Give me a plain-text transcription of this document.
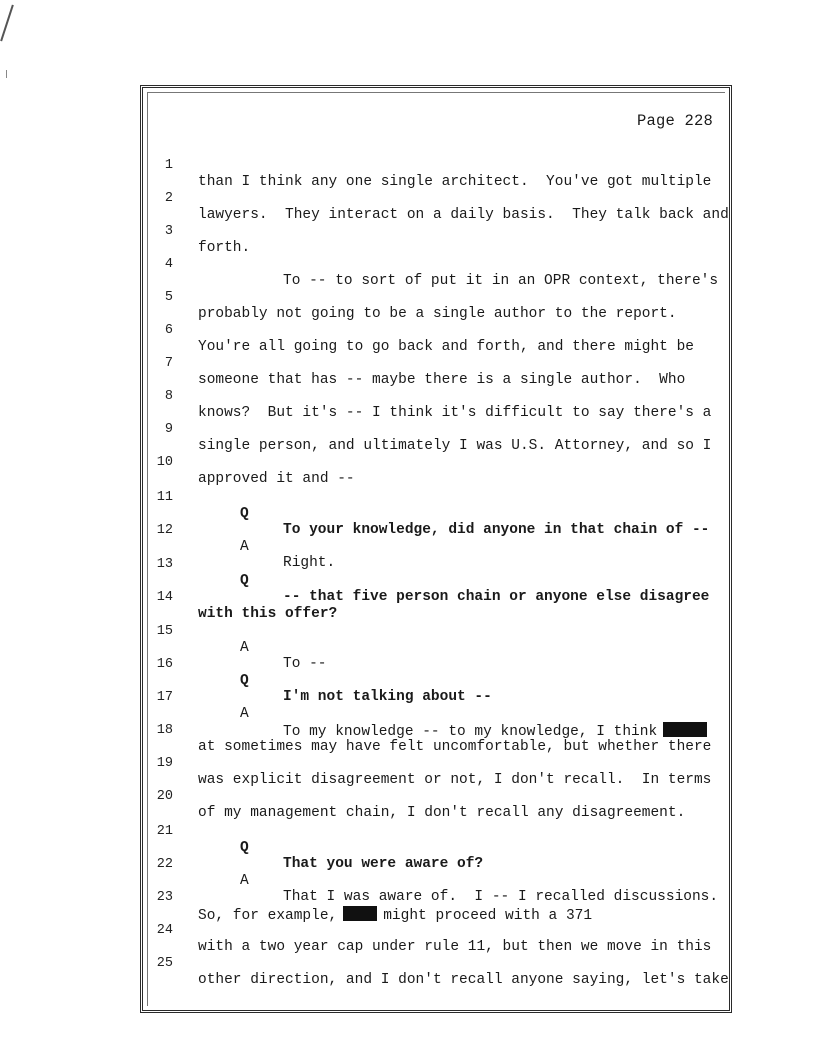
Page 228

1

than I think any one single architect.  You've got multiple

2

lawyers.  They interact on a daily basis.  They talk back and

3

forth.

4

To -- to sort of put it in an OPR context, there's

5

probably not going to be a single author to the report.

6

You're all going to go back and forth, and there might be

7

someone that has -- maybe there is a single author.  Who

8

knows?  But it's -- I think it's difficult to say there's a

9

single person, and ultimately I was U.S. Attorney, and so I

10

approved it and --

11

Q

To your knowledge, did anyone in that chain of --

12

A

Right.

13

Q

-- that five person chain or anyone else disagree

14

with this offer?

15

A

To --

16

Q

I'm not talking about --

17

A

To my knowledge -- to my knowledge, I think

18

at sometimes may have felt uncomfortable, but whether there

19

was explicit disagreement or not, I don't recall.  In terms

20

of my management chain, I don't recall any disagreement.

21

Q

That you were aware of?

22

A

That I was aware of.  I -- I recalled discussions.

23

So, for example,	might proceed with a 371

24

with a two year cap under rule 11, but then we move in this

25

other direction, and I don't recall anyone saying, let's take
